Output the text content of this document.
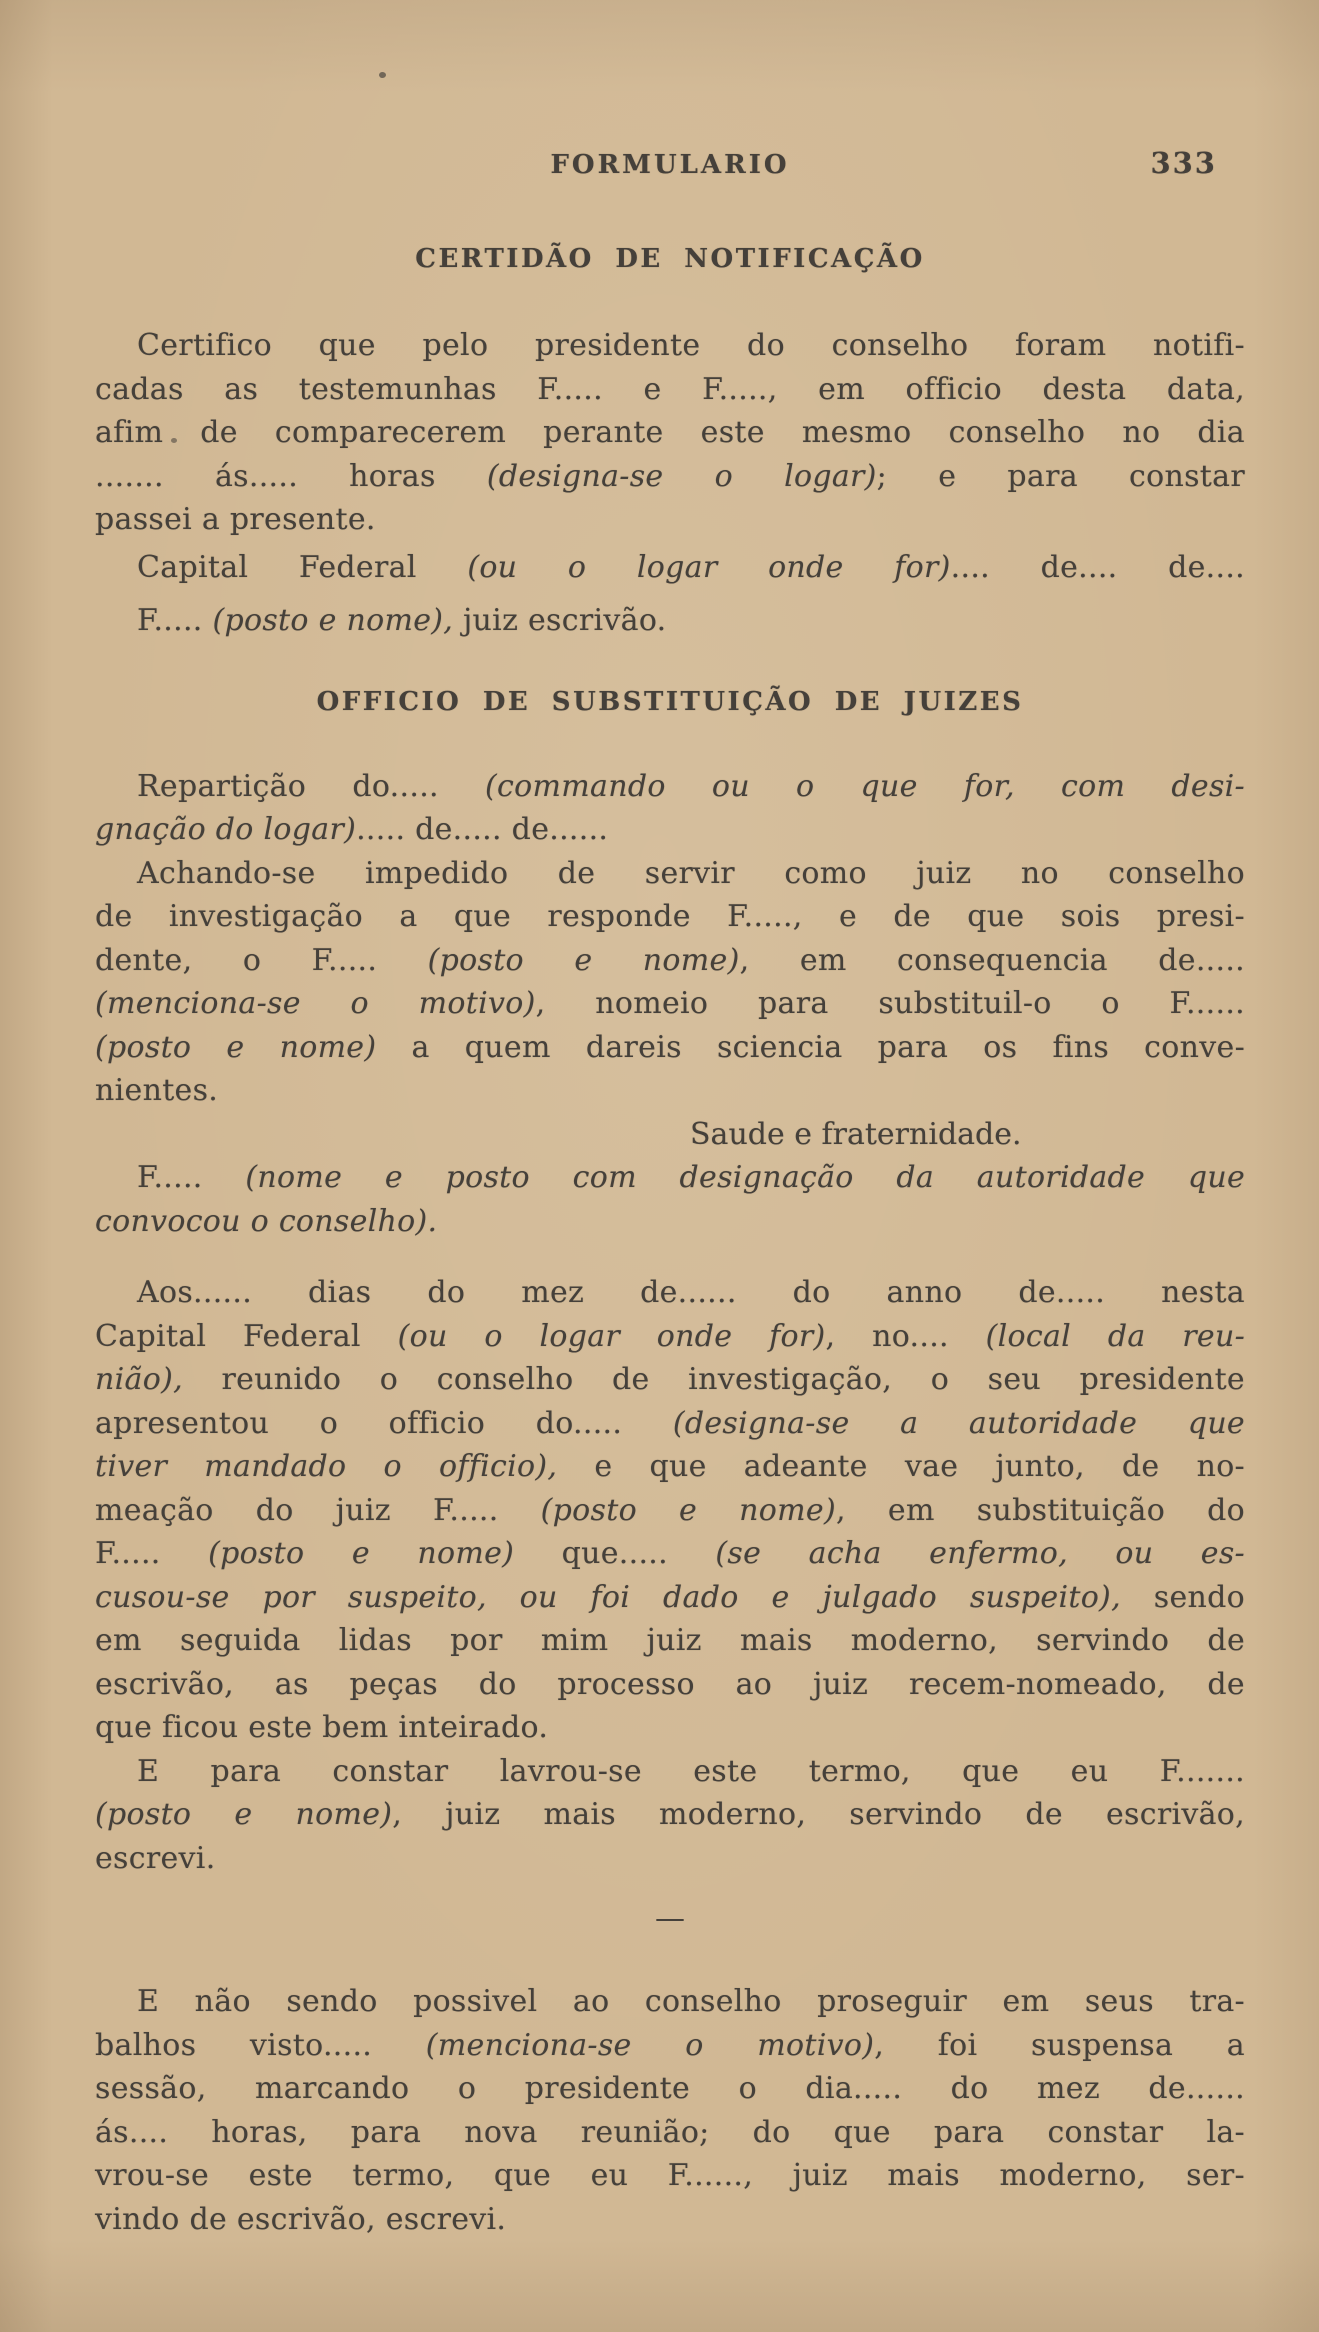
FORMULARIO	333
CERTIDÃO DE NOTIFICAÇÃO
Certifico que pelo presidente do conselho foram notifi-
cadas as testemunhas F..... e F....., em officio desta data,
afim de comparecerem perante este mesmo conselho no dia
....... ás..... horas (designa-se o logar); e para constar
passei a presente.
Capital Federal (ou o logar onde for).... de.... de....
F..... (posto e nome), juiz escrivão.
OFFICIO DE SUBSTITUIÇÃO DE JUIZES
Repartição do..... (commando ou o que for, com desi-
gnação do logar)..... de..... de......
Achando-se impedido de servir como juiz no conselho
de investigação a que responde F....., e de que sois presi-
dente, o F..... (posto e nome), em consequencia de.....
(menciona-se o motivo), nomeio para substituil-o o F......
(posto e nome) a quem dareis sciencia para os fins conve-
nientes.
Saude e fraternidade.
F..... (nome e posto com designação da autoridade que
convocou o conselho).
Aos...... dias do mez de...... do anno de..... nesta
Capital Federal (ou o logar onde for), no.... (local da reu-
nião), reunido o conselho de investigação, o seu presidente
apresentou o officio do..... (designa-se a autoridade que
tiver mandado o officio), e que adeante vae junto, de no-
meação do juiz F..... (posto e nome), em substituição do
F..... (posto e nome) que..... (se acha enfermo, ou es-
cusou-se por suspeito, ou foi dado e julgado suspeito), sendo
em seguida lidas por mim juiz mais moderno, servindo de
escrivão, as peças do processo ao juiz recem-nomeado, de
que ficou este bem inteirado.
E para constar lavrou-se este termo, que eu F.......
(posto e nome), juiz mais moderno, servindo de escrivão,
escrevi.
—
E não sendo possivel ao conselho proseguir em seus tra-
balhos visto..... (menciona-se o motivo), foi suspensa a
sessão, marcando o presidente o dia..... do mez de......
ás.... horas, para nova reunião; do que para constar la-
vrou-se este termo, que eu F......, juiz mais moderno, ser-
vindo de escrivão, escrevi.
